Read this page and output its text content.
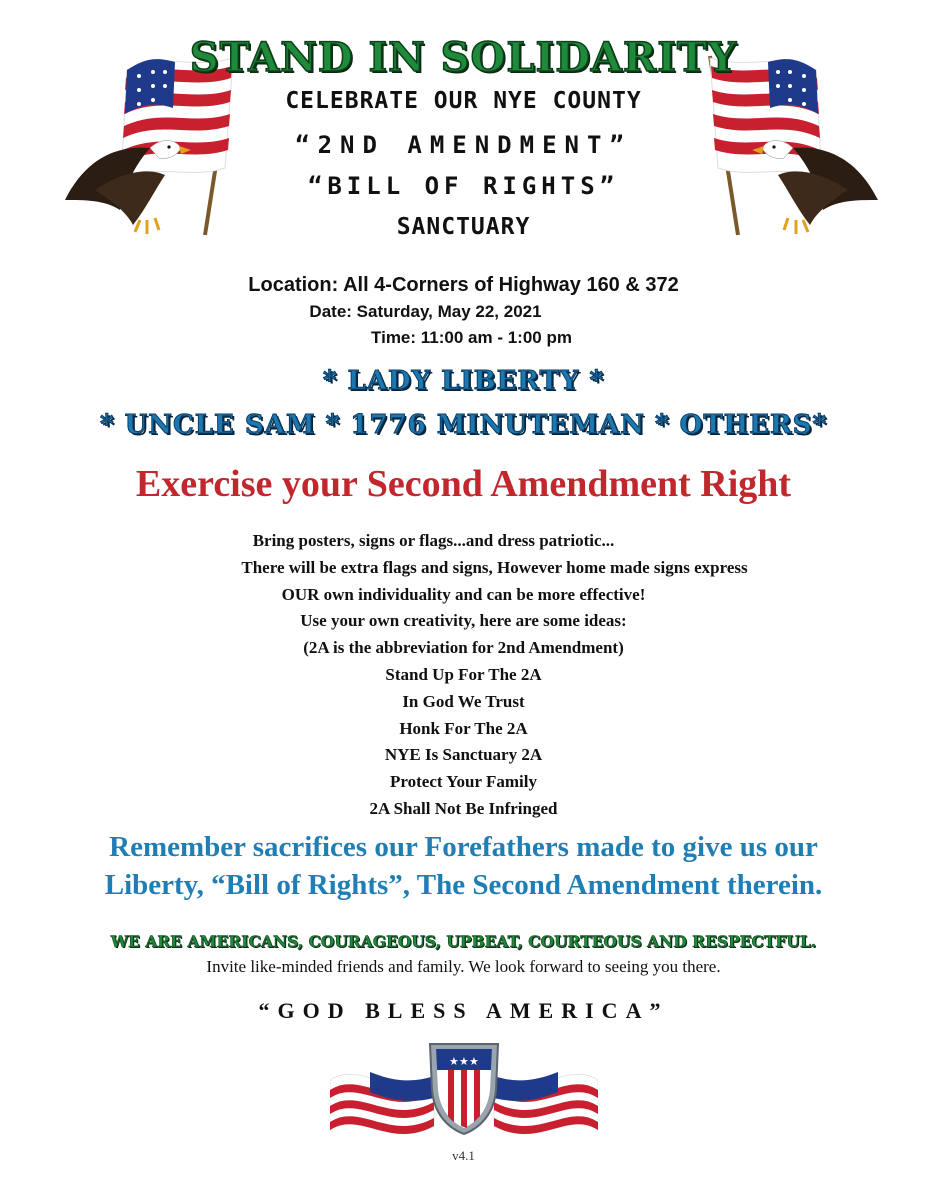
STAND IN SOLIDARITY
CELEBRATE OUR NYE COUNTY
“2ND AMENDMENT”
“BILL OF RIGHTS”
SANCTUARY
Location: All 4-Corners of Highway 160 & 372
Date: Saturday, May 22, 2021
Time: 11:00 am - 1:00 pm
* LADY LIBERTY *
* UNCLE SAM * 1776 MINUTEMAN * OTHERS*
Exercise your Second Amendment Right
Bring posters, signs or flags...and dress patriotic...
There will be extra flags and signs, However home made signs express
OUR own individuality and can be more effective!
Use your own creativity, here are some ideas:
(2A is the abbreviation for 2nd Amendment)
Stand Up For The 2A
In God We Trust
Honk For The 2A
NYE Is Sanctuary 2A
Protect Your Family
2A Shall Not Be Infringed
Remember sacrifices our Forefathers made to give us our
Liberty, “Bill of Rights”, The Second Amendment therein.
WE ARE AMERICANS, COURAGEOUS, UPBEAT, COURTEOUS AND RESPECTFUL.
Invite like-minded friends and family. We look forward to seeing you there.
“GOD BLESS AMERICA”
★ ★ ★
v4.1
